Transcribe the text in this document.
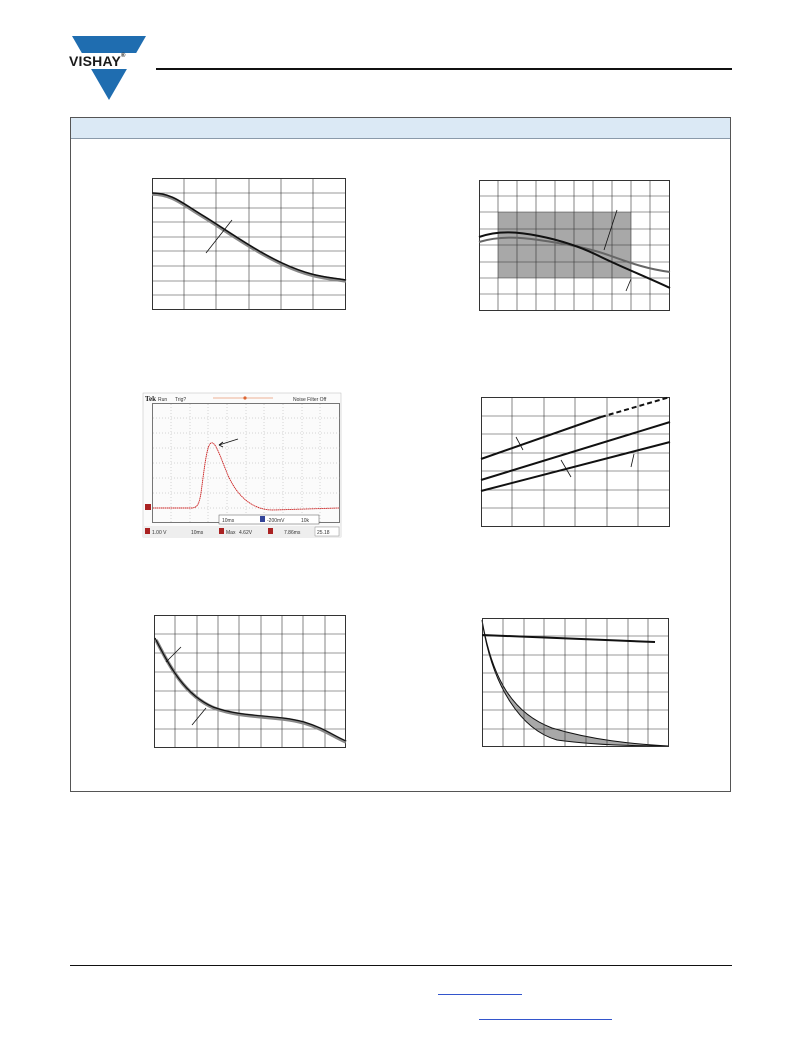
VISHAY®
Tek Run Trig?	Noise Filter Off
10ms	-200mV	10k
1.00 V	10ms	Max 4.62V	7.86ms	25.18
